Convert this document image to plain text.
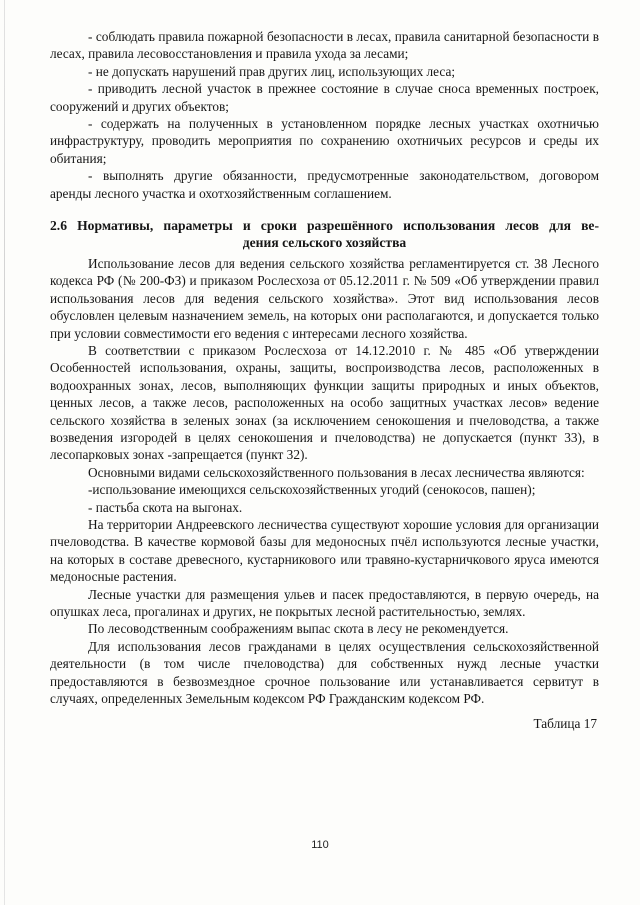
- соблюдать правила пожарной безопасности в лесах, правила санитарной безопасности в лесах, правила лесовосстановления и правила ухода за лесами;

- не допускать нарушений прав других лиц, использующих леса;

- приводить лесной участок в прежнее состояние в случае сноса временных построек, сооружений и других объектов;

- содержать на полученных в установленном порядке лесных участках охотничью инфраструктуру, проводить мероприятия по сохранению охотничьих ресурсов и среды их обитания;

- выполнять другие обязанности, предусмотренные законодательством, договором аренды лесного участка и охотхозяйственным соглашением.

2.6 Нормативы, параметры и сроки разрешённого использования лесов для ве-
дения сельского хозяйства

Использование лесов для ведения сельского хозяйства регламентируется ст. 38 Лесного кодекса РФ (№ 200-ФЗ) и приказом Рослесхоза от 05.12.2011 г. № 509 «Об утверждении правил использования лесов для ведения сельского хозяйства». Этот вид использования лесов обусловлен целевым назначением земель, на которых они располагаются, и допускается только при условии совместимости его ведения с интересами лесного хозяйства.

В соответствии с приказом Рослесхоза от 14.12.2010 г. № 485 «Об утверждении Особенностей использования, охраны, защиты, воспроизводства лесов, расположенных в водоохранных зонах, лесов, выполняющих функции защиты природных и иных объектов, ценных лесов, а также лесов, расположенных на особо защитных участках лесов» ведение сельского хозяйства в зеленых зонах (за исключением сенокошения и пчеловодства, а также возведения изгородей в целях сенокошения и пчеловодства) не допускается (пункт 33), в лесопарковых зонах -запрещается (пункт 32).

Основными видами сельскохозяйственного пользования в лесах лесничества являются:

-использование имеющихся сельскохозяйственных угодий (сенокосов, пашен);

- пастьба скота на выгонах.

На территории Андреевского лесничества существуют хорошие условия для организации пчеловодства. В качестве кормовой базы для медоносных пчёл используются лесные участки, на которых в составе древесного, кустарникового или травяно-кустарничкового яруса имеются медоносные растения.

Лесные участки для размещения ульев и пасек предоставляются, в первую очередь, на опушках леса, прогалинах и других, не покрытых лесной растительностью, землях.

По лесоводственным соображениям выпас скота в лесу не рекомендуется.

Для использования лесов гражданами в целях осуществления сельскохозяйственной деятельности (в том числе пчеловодства) для собственных нужд лесные участки предоставляются в безвозмездное срочное пользование или устанавливается сервитут в случаях, определенных Земельным кодексом РФ Гражданским кодексом РФ.

Таблица 17
110
